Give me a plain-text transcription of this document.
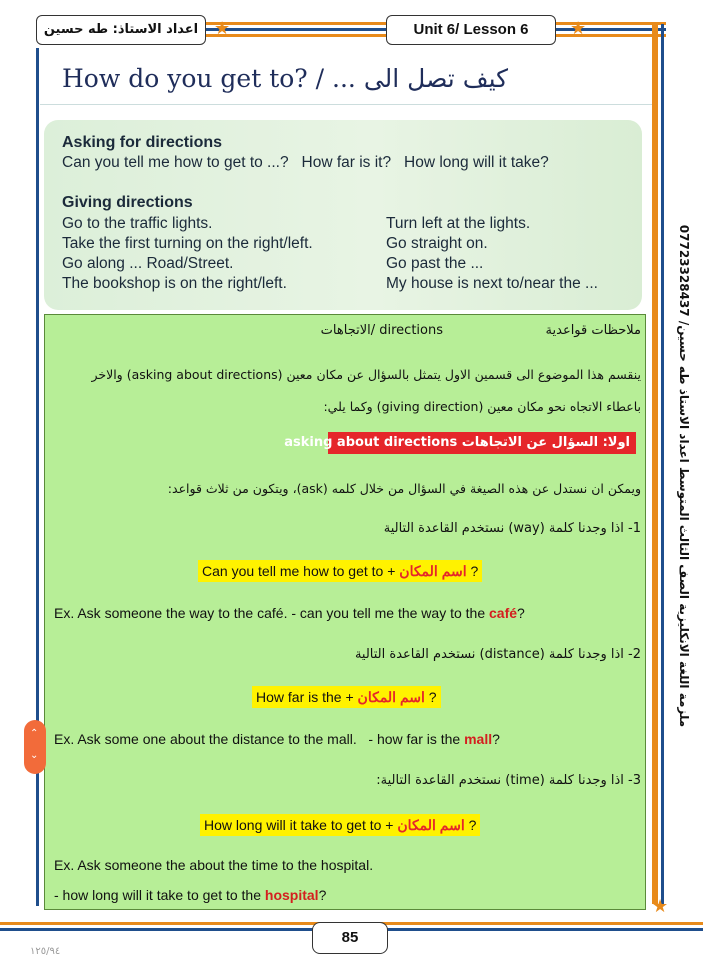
اعداد الاستاذ: طه حسين ★	Unit 6/ Lesson 6	★
ملزمة اللغة الانكليزية الصف الثالث المتوسط اعداد الاستاذ طه حسين/ 07723328437
★
How do you get to? / ... كيف تصل الى
Asking for directions
Can you tell me how to get to ...?   How far is it?   How long will it take?
Giving directions
Go to the traffic lights.
Take the first turning on the right/left.
Go along ... Road/Street.
The bookshop is on the right/left.
Turn left at the lights.
Go straight on.
Go past the ...
My house is next to/near the ...
ملاحظات قواعدية
directions /الاتجاهات
ينقسم هذا الموضوع الى قسمين الاول يتمثل بالسؤال عن مكان معين (asking about directions) والاخر
باعطاء الاتجاه نحو مكان معين (giving direction) وكما يلي:
اولا: السؤال عن الاتجاهات asking about directions
ويمكن ان نستدل عن هذه الصيغة في السؤال من خلال كلمه (ask)، ويتكون من ثلاث قواعد:
1- اذا وجدنا كلمة (way) نستخدم القاعدة التالية
Can you tell me how to get to + اسم المكان ?
Ex. Ask someone the way to the café. - can you tell me the way to the café?
2- اذا وجدنا كلمة (distance) نستخدم القاعدة التالية
How far is the + اسم المكان ?
Ex. Ask some one about the distance to the mall.   - how far is the mall?
3- اذا وجدنا كلمة (time) نستخدم القاعدة التالية:
How long will it take to get to + اسم المكان ?
Ex. Ask someone the about the time to the hospital.
- how long will it take to get to the hospital?
⌃
⌄
85
١٢٥/٩٤
